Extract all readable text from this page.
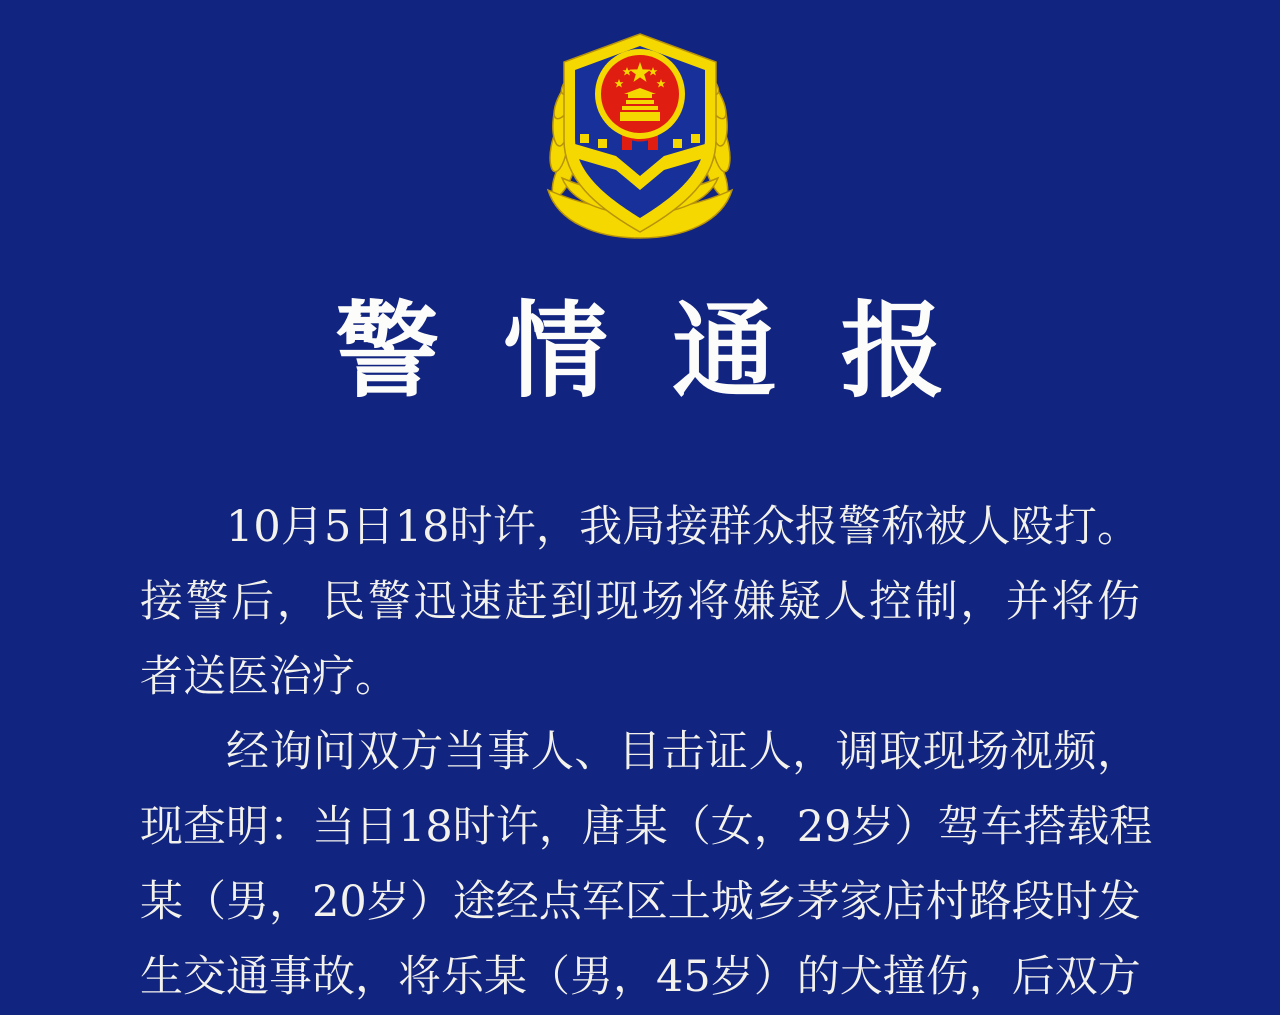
警情通报

10月5日18时许，我局接群众报警称被人殴打。

接警后，民警迅速赶到现场将嫌疑人控制，并将伤

者送医治疗。

经询问双方当事人、目击证人，调取现场视频，

现查明：当日18时许，唐某（女，29岁）驾车搭载程

某（男，20岁）途经点军区土城乡茅家店村路段时发

生交通事故，将乐某（男，45岁）的犬撞伤，后双方
